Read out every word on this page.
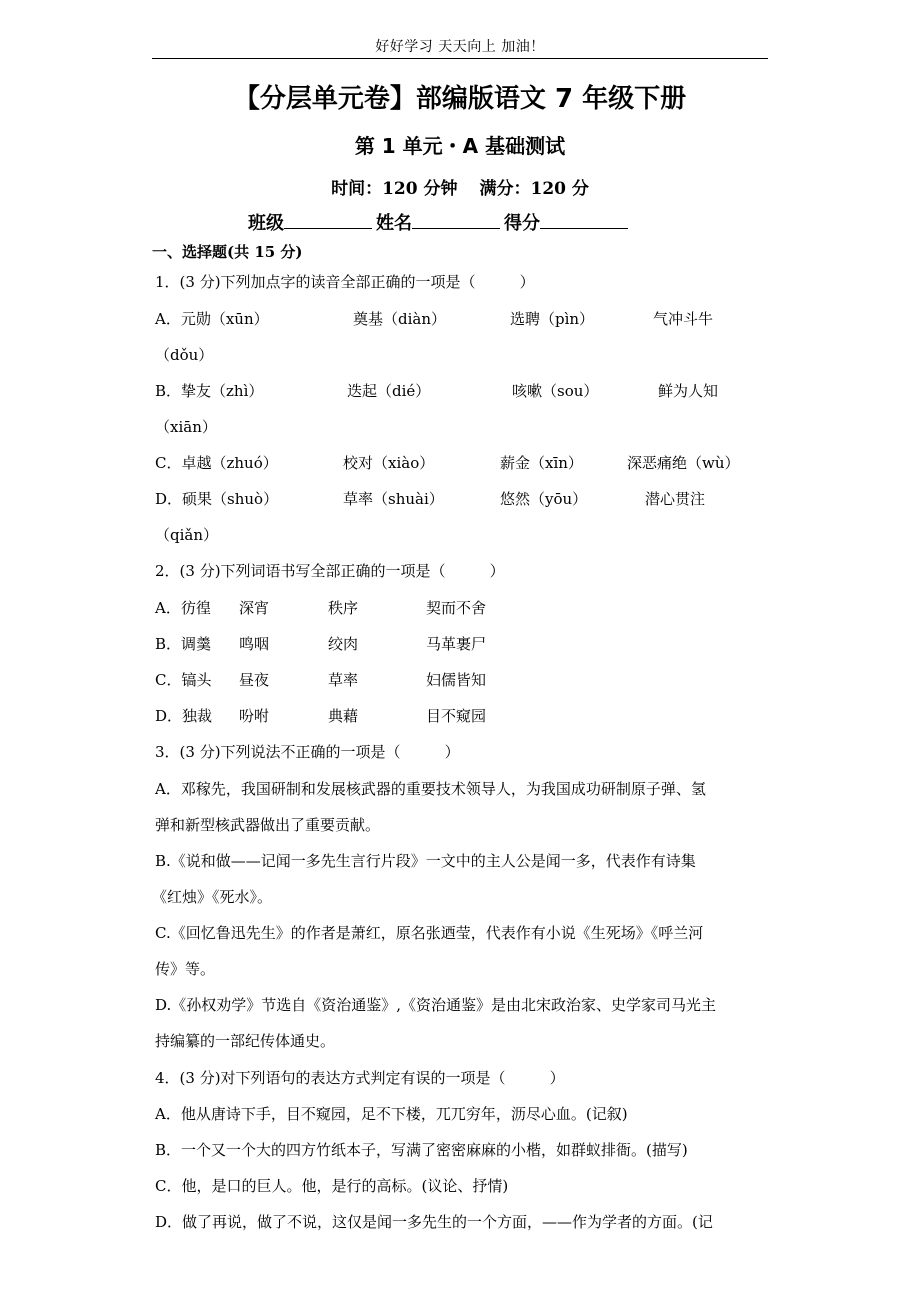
好好学习 天天向上 加油！
【分层单元卷】部编版语文 7 年级下册
第 1 单元・A 基础测试
时间：120 分钟 满分：120 分
班级	姓名	得分
一、选择题(共 15 分)
1．(3 分)下列加点字的读音全部正确的一项是（	）
A．元勋（xūn）	奠基（diàn）	选聘（pìn）	气冲斗牛
（dǒu）
B．挚友（zhì）	迭起（dié）	咳嗽（sou）	鲜为人知
（xiān）
C．卓越（zhuó）	校对（xiào）	薪金（xīn）	深恶痛绝（wù）
D．硕果（shuò）	草率（shuài）	悠然（yōu）	潜心贯注
（qiǎn）
2．(3 分)下列词语书写全部正确的一项是（	）
A．彷徨 深宵	秩序	契而不舍
B．调羹 鸣咽	绞肉	马革裹尸
C．镐头 昼夜	草率	妇儒皆知
D．独裁 吩咐	典藉	目不窥园
3．(3 分)下列说法不正确的一项是（	）
A．邓稼先，我国研制和发展核武器的重要技术领导人，为我国成功研制原子弹、氢
弹和新型核武器做出了重要贡献。
B.《说和做——记闻一多先生言行片段》一文中的主人公是闻一多，代表作有诗集
《红烛》《死水》。
C.《回忆鲁迅先生》的作者是萧红，原名张迺莹，代表作有小说《生死场》《呼兰河
传》等。
D.《孙权劝学》节选自《资治通鉴》,《资治通鉴》是由北宋政治家、史学家司马光主
持编纂的一部纪传体通史。
4．(3 分)对下列语句的表达方式判定有误的一项是（	）
A．他从唐诗下手，目不窥园，足不下楼，兀兀穷年，沥尽心血。(记叙)
B．一个又一个大的四方竹纸本子，写满了密密麻麻的小楷，如群蚁排衙。(描写)
C．他，是口的巨人。他，是行的高标。(议论、抒情)
D．做了再说，做了不说，这仅是闻一多先生的一个方面，——作为学者的方面。(记
